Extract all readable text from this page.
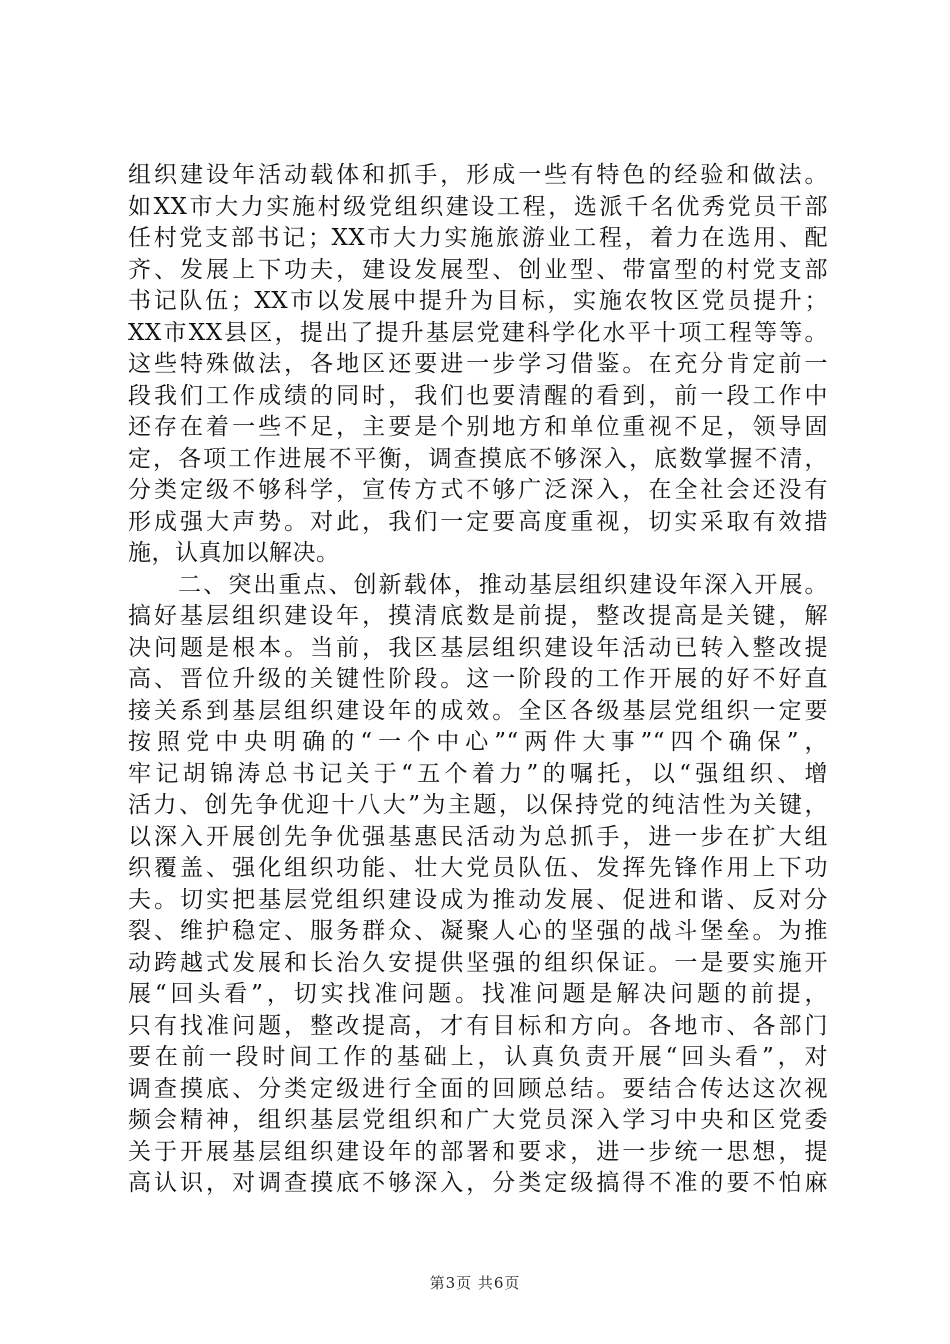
组织建设年活动载体和抓手，形成一些有特色的经验和做法。
如XX市大力实施村级党组织建设工程，选派千名优秀党员干部
任村党支部书记；XX市大力实施旅游业工程，着力在选用、配
齐、发展上下功夫，建设发展型、创业型、带富型的村党支部
书记队伍；XX市以发展中提升为目标，实施农牧区党员提升；
XX市XX县区，提出了提升基层党建科学化水平十项工程等等。
这些特殊做法，各地区还要进一步学习借鉴。在充分肯定前一
段我们工作成绩的同时，我们也要清醒的看到，前一段工作中
还存在着一些不足，主要是个别地方和单位重视不足，领导固
定，各项工作进展不平衡，调查摸底不够深入，底数掌握不清，
分类定级不够科学，宣传方式不够广泛深入，在全社会还没有
形成强大声势。对此，我们一定要高度重视，切实采取有效措
施，认真加以解决。
　　二、突出重点、创新载体，推动基层组织建设年深入开展。
搞好基层组织建设年，摸清底数是前提，整改提高是关键，解
决问题是根本。当前，我区基层组织建设年活动已转入整改提
高、晋位升级的关键性阶段。这一阶段的工作开展的好不好直
接关系到基层组织建设年的成效。全区各级基层党组织一定要
按照党中央明确的“一个中心”“两件大事”“四个确保”，
牢记胡锦涛总书记关于“五个着力”的嘱托，以“强组织、增
活力、创先争优迎十八大”为主题，以保持党的纯洁性为关键，
以深入开展创先争优强基惠民活动为总抓手，进一步在扩大组
织覆盖、强化组织功能、壮大党员队伍、发挥先锋作用上下功
夫。切实把基层党组织建设成为推动发展、促进和谐、反对分
裂、维护稳定、服务群众、凝聚人心的坚强的战斗堡垒。为推
动跨越式发展和长治久安提供坚强的组织保证。一是要实施开
展“回头看”，切实找准问题。找准问题是解决问题的前提，
只有找准问题，整改提高，才有目标和方向。各地市、各部门
要在前一段时间工作的基础上，认真负责开展“回头看”，对
调查摸底、分类定级进行全面的回顾总结。要结合传达这次视
频会精神，组织基层党组织和广大党员深入学习中央和区党委
关于开展基层组织建设年的部署和要求，进一步统一思想，提
高认识，对调查摸底不够深入，分类定级搞得不准的要不怕麻
第3页 共6页
